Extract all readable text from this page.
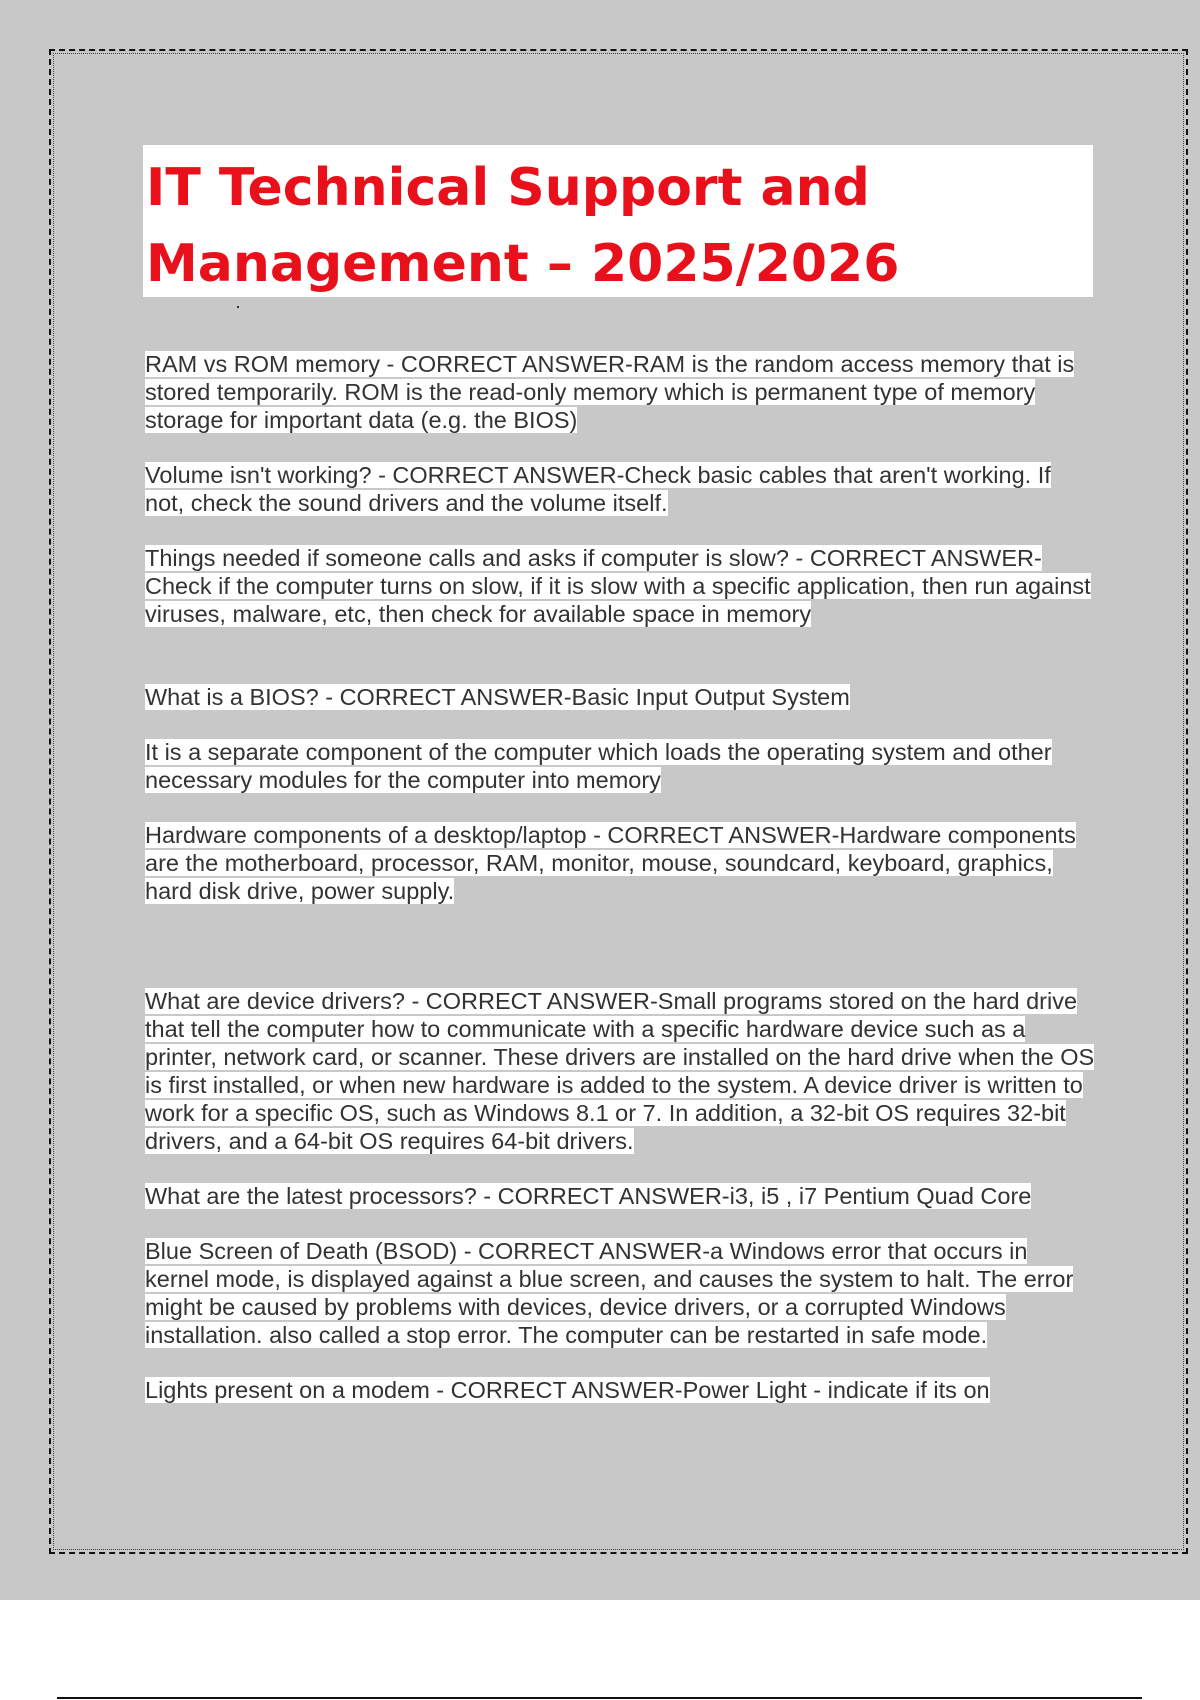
IT Technical Support and
Management – 2025/2026

RAM vs ROM memory - CORRECT ANSWER-RAM is the random access memory that is stored temporarily. ROM is the read-only memory which is permanent type of memory storage for important data (e.g. the BIOS)

Volume isn't working? - CORRECT ANSWER-Check basic cables that aren't working. If not, check the sound drivers and the volume itself.

Things needed if someone calls and asks if computer is slow? - CORRECT ANSWER-Check if the computer turns on slow, if it is slow with a specific application, then run against viruses, malware, etc, then check for available space in memory

What is a BIOS? - CORRECT ANSWER-Basic Input Output System

It is a separate component of the computer which loads the operating system and other necessary modules for the computer into memory

Hardware components of a desktop/laptop - CORRECT ANSWER-Hardware components are the motherboard, processor, RAM, monitor, mouse, soundcard, keyboard, graphics, hard disk drive, power supply.

What are device drivers? - CORRECT ANSWER-Small programs stored on the hard drive that tell the computer how to communicate with a specific hardware device such as a printer, network card, or scanner. These drivers are installed on the hard drive when the OS is first installed, or when new hardware is added to the system. A device driver is written to work for a specific OS, such as Windows 8.1 or 7. In addition, a 32-bit OS requires 32-bit drivers, and a 64-bit OS requires 64-bit drivers.

What are the latest processors? - CORRECT ANSWER-i3, i5 , i7 Pentium Quad Core

Blue Screen of Death (BSOD) - CORRECT ANSWER-a Windows error that occurs in kernel mode, is displayed against a blue screen, and causes the system to halt. The error might be caused by problems with devices, device drivers, or a corrupted Windows installation. also called a stop error. The computer can be restarted in safe mode.

Lights present on a modem - CORRECT ANSWER-Power Light - indicate if its on
